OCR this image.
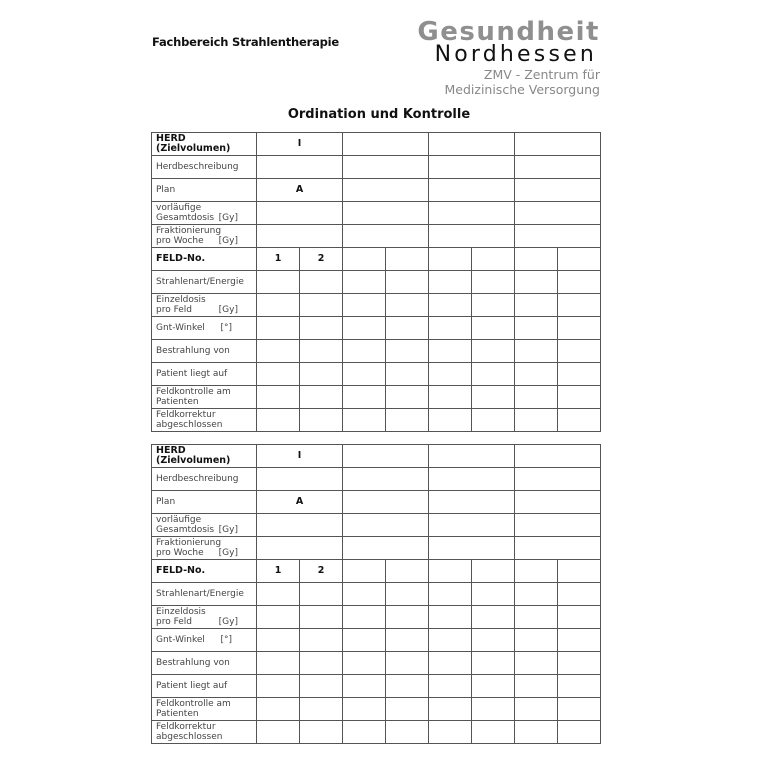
Fachbereich Strahlentherapie	Gesundheit
Nordhessen
ZMV - Zentrum für
Medizinische Versorgung
Ordination und Kontrolle
HERD (Zielvolumen)	I							
Herdbeschreibung								
Plan	A							

vorläufige
Gesamtdosis [Gy]								

Fraktionierung
pro Woche [Gy]								

FELD-No.	1	2						
Strahlenart/Energie								

Einzeldosis
pro Feld [Gy]								

Gnt-Winkel [°]								

Bestrahlung von								
Patient liegt auf								

Feldkontrolle am
Patienten								

Feldkorrektur
abgeschlossen								

HERD (Zielvolumen)	I							
Herdbeschreibung								
Plan	A							

vorläufige
Gesamtdosis [Gy]								

Fraktionierung
pro Woche [Gy]								

FELD-No.	1	2						
Strahlenart/Energie								

Einzeldosis
pro Feld [Gy]								

Gnt-Winkel [°]								

Bestrahlung von								
Patient liegt auf								

Feldkontrolle am
Patienten								

Feldkorrektur
abgeschlossen								
